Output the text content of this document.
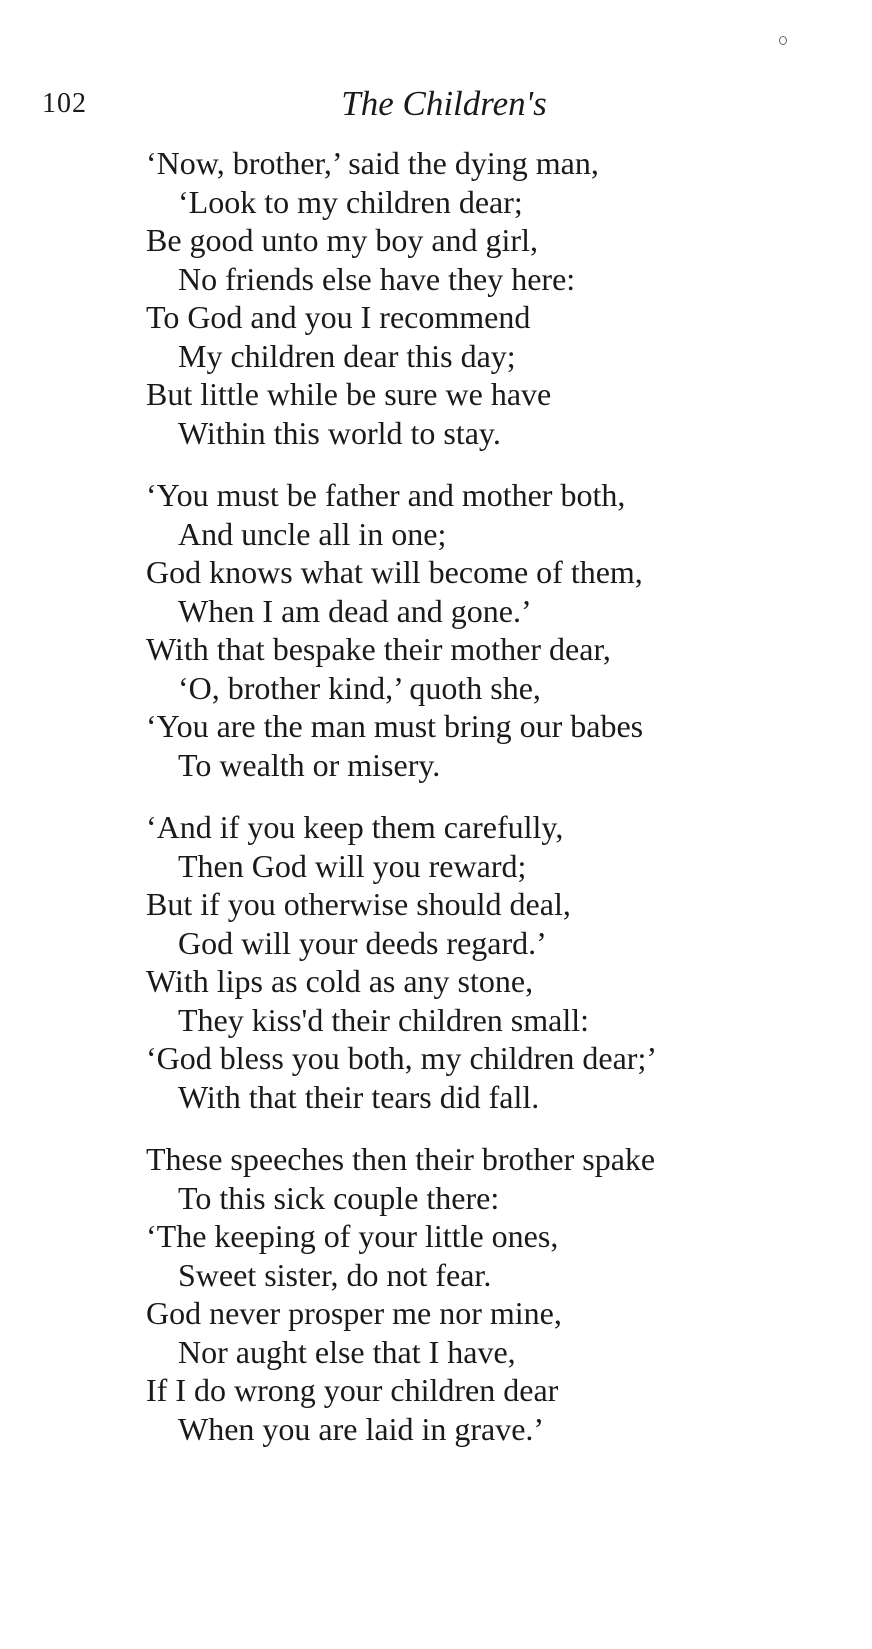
102	The Children's
‘Now, brother,’ said the dying man,
‘Look to my children dear;
Be good unto my boy and girl,
No friends else have they here:
To God and you I recommend
My children dear this day;
But little while be sure we have
Within this world to stay.
‘You must be father and mother both,
And uncle all in one;
God knows what will become of them,
When I am dead and gone.’
With that bespake their mother dear,
‘O, brother kind,’ quoth she,
‘You are the man must bring our babes
To wealth or misery.
‘And if you keep them carefully,
Then God will you reward;
But if you otherwise should deal,
God will your deeds regard.’
With lips as cold as any stone,
They kiss'd their children small:
‘God bless you both, my children dear;’
With that their tears did fall.
These speeches then their brother spake
To this sick couple there:
‘The keeping of your little ones,
Sweet sister, do not fear.
God never prosper me nor mine,
Nor aught else that I have,
If I do wrong your children dear
When you are laid in grave.’
